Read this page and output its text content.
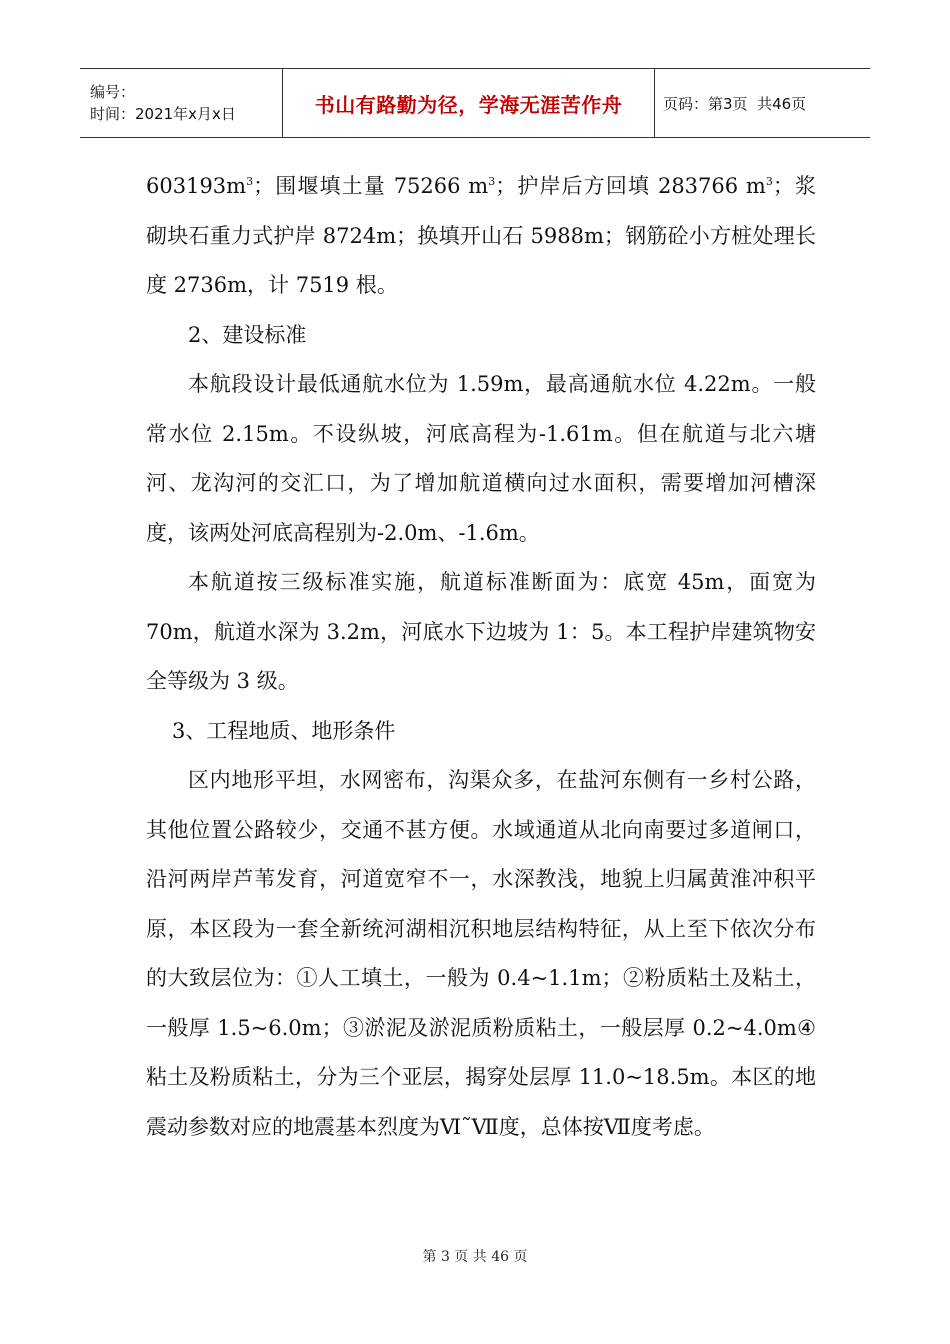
编号：
时间：2021年x月x日	书山有路勤为径，学海无涯苦作舟	页码：第3页  共46页

$603193m^3$；围堰填土量 75266 $m^3$；护岸后方回填 283766 $m^3$；浆砌块石重力式护岸 8724m；换填开山石 5988m；钢筋砼小方桩处理长度 2736m，计 7519 根。

2、建设标准

本航段设计最低通航水位为 1.59m，最高通航水位 4.22m。一般常水位 2.15m。不设纵坡，河底高程为-1.61m。但在航道与北六塘河、龙沟河的交汇口，为了增加航道横向过水面积，需要增加河槽深度，该两处河底高程别为-2.0m、-1.6m。

本航道按三级标准实施，航道标准断面为：底宽 45m，面宽为 70m，航道水深为 3.2m，河底水下边坡为 1：5。本工程护岸建筑物安全等级为 3 级。

3、工程地质、地形条件

区内地形平坦，水网密布，沟渠众多，在盐河东侧有一乡村公路，其他位置公路较少，交通不甚方便。水域通道从北向南要过多道闸口，沿河两岸芦苇发育，河道宽窄不一，水深教浅，地貌上归属黄淮冲积平原，本区段为一套全新统河湖相沉积地层结构特征，从上至下依次分布的大致层位为：①人工填土，一般为 0.4~1.1m；②粉质粘土及粘土，一般厚 1.5~6.0m；③淤泥及淤泥质粉质粘土，一般层厚 0.2~4.0m④ 粘土及粉质粘土，分为三个亚层，揭穿处层厚 11.0~18.5m。本区的地震动参数对应的地震基本烈度为Ⅵ˜Ⅶ度，总体按Ⅶ度考虑。

第 3 页 共 46 页
